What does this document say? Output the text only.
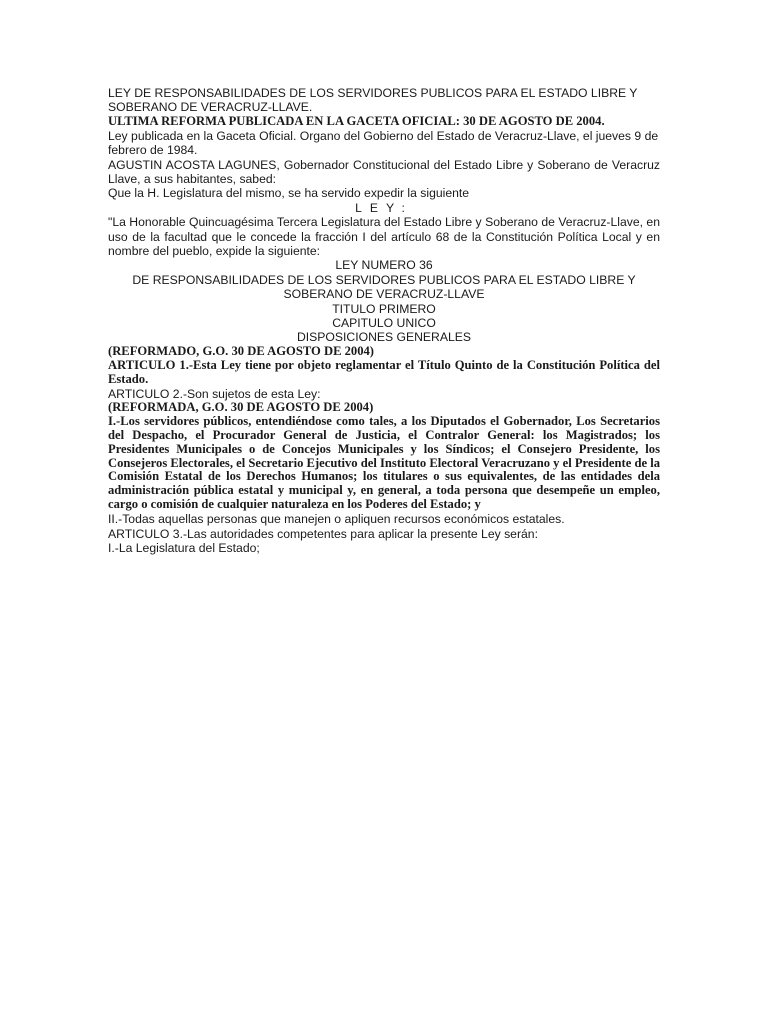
LEY DE RESPONSABILIDADES DE LOS SERVIDORES PUBLICOS PARA EL ESTADO LIBRE Y SOBERANO DE VERACRUZ-LLAVE.

ULTIMA REFORMA PUBLICADA EN LA GACETA OFICIAL: 30 DE AGOSTO DE 2004.

Ley publicada en la Gaceta Oficial. Organo del Gobierno del Estado de Veracruz-Llave, el jueves 9 de febrero de 1984.

AGUSTIN ACOSTA LAGUNES, Gobernador Constitucional del Estado Libre y Soberano de Veracruz Llave, a sus habitantes, sabed:

Que la H. Legislatura del mismo, se ha servido expedir la siguiente

LEY:

"La Honorable Quincuagésima Tercera Legislatura del Estado Libre y Soberano de Veracruz-Llave, en uso de la facultad que le concede la fracción I del artículo 68 de la Constitución Política Local y en nombre del pueblo, expide la siguiente:

LEY NUMERO 36

DE RESPONSABILIDADES DE LOS SERVIDORES PUBLICOS PARA EL ESTADO LIBRE Y SOBERANO DE VERACRUZ-LLAVE

TITULO PRIMERO

CAPITULO UNICO

DISPOSICIONES GENERALES

(REFORMADO, G.O. 30 DE AGOSTO DE 2004)

ARTICULO 1.-Esta Ley tiene por objeto reglamentar el Título Quinto de la Constitución Política del Estado.

ARTICULO 2.-Son sujetos de esta Ley:

(REFORMADA, G.O. 30 DE AGOSTO DE 2004)

I.-Los servidores públicos, entendiéndose como tales, a los Diputados el Gobernador, Los Secretarios del Despacho, el Procurador General de Justicia, el Contralor General: los Magistrados; los Presidentes Municipales o de Concejos Municipales y los Síndicos; el Consejero Presidente, los Consejeros Electorales, el Secretario Ejecutivo del Instituto Electoral Veracruzano y el Presidente de la Comisión Estatal de los Derechos Humanos; los titulares o sus equivalentes, de las entidades dela administración pública estatal y municipal y, en general, a toda persona que desempeñe un empleo, cargo o comisión de cualquier naturaleza en los Poderes del Estado; y

II.-Todas aquellas personas que manejen o apliquen recursos económicos estatales.

ARTICULO 3.-Las autoridades competentes para aplicar la presente Ley serán:

I.-La Legislatura del Estado;
